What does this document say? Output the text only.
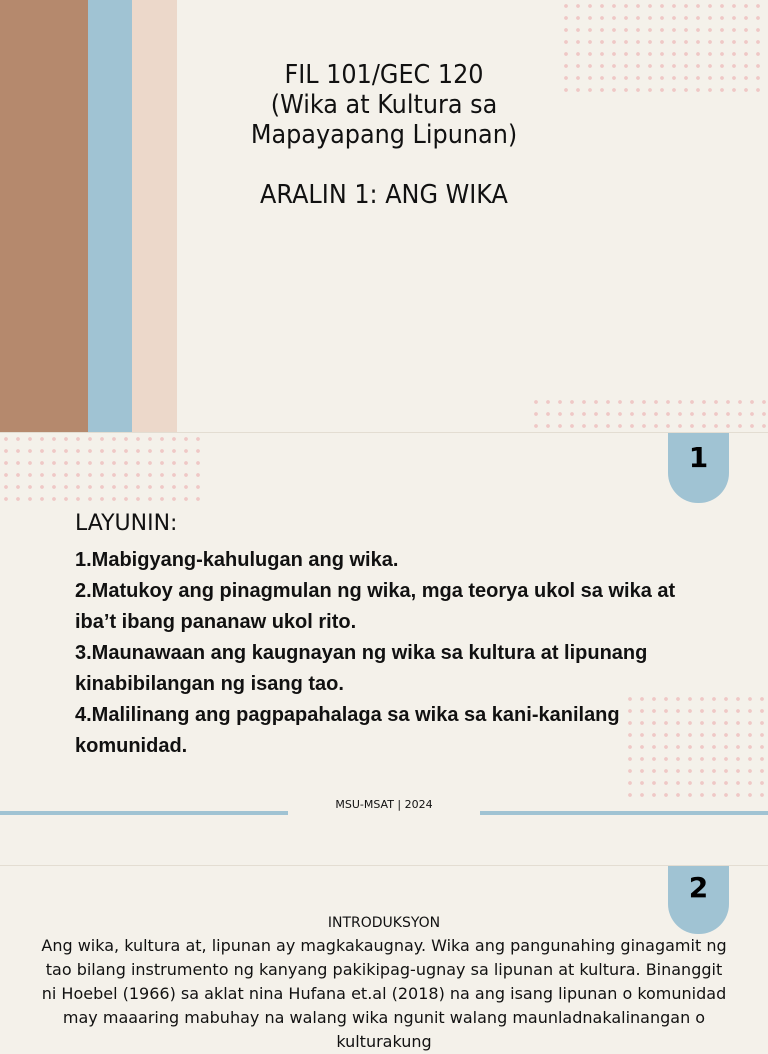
FIL 101/GEC 120
(Wika at Kultura sa
Mapayapang Lipunan)
ARALIN 1: ANG WIKA
1
LAYUNIN:
1.Mabigyang-kahulugan ang wika.
2.Matukoy ang pinagmulan ng wika, mga teorya ukol sa wika at iba’t ibang pananaw ukol rito.
3.Maunawaan ang kaugnayan ng wika sa kultura at lipunang kinabibilangan ng isang tao.
4.Malilinang ang pagpapahalaga sa wika sa kani-kanilang komunidad.
MSU-MSAT | 2024
2
INTRODUKSYON
Ang wika, kultura at, lipunan ay magkakaugnay. Wika ang pangunahing ginagamit ng tao bilang instrumento ng kanyang pakikipag-ugnay sa lipunan at kultura. Binanggit ni Hoebel (1966) sa aklat nina Hufana et.al (2018) na ang isang lipunan o komunidad may maaaring mabuhay na walang wika ngunit walang maunladnakalinangan o kulturakung
